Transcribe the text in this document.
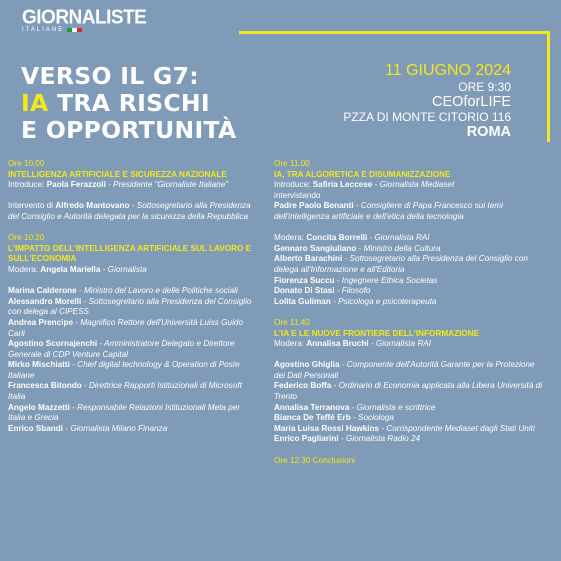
GIORNALISTE
ITALIANE
VERSO IL G7:
IA TRA RISCHI
E OPPORTUNITÀ
11 GIUGNO 2024
ORE 9:30
CEOforLIFE
PZZA DI MONTE CITORIO 116
ROMA

Ore 10.00

INTELLIGENZA ARTIFICIALE E SICUREZZA NAZIONALE

Introduce: Paola Ferazzoli - Presidente "Giornaliste Italiane"

Intervento di Alfredo Mantovano - Sottosegretario alla Presidenza del Consiglio e Autorità delegata per la sicurezza della Repubblica

Ore 10.20

L'IMPATTO DELL'INTELLIGENZA ARTIFICIALE SUL LAVORO E SULL'ECONOMIA

Modera: Angela Mariella - Giornalista

Marina Calderone - Ministro del Lavoro e delle Politiche sociali

Alessandro Morelli - Sottosegretario alla Presidenza del Consiglio con delega al CIPESS

Andrea Prencipe - Magnifico Rettore dell'Università Luiss Guido Carli

Agostino Scornajenchi - Amministratore Delegato e Direttore Generale di CDP Venture Capital

Mirko Mischiatti - Chief digital technology & Operation di Poste Italiane

Francesca Bitondo - Direttrice Rapporti Istituzionali di Microsoft Italia

Angelo Mazzetti - Responsabile Relazioni Istituzionali Meta per Italia e Grecia

Enrico Sbandi - Giornalista Milano Finanza

Ore 11.00

IA, TRA ALGORETICA E DISUMANIZZAZIONE

Introduce: Safiria Leccese - Giornalista Mediaset

intervistando

Padre Paolo Benanti - Consigliere di Papa Francesco sui temi dell'intelligenza artificiale e dell'etica della tecnologia

Modera: Concita Borrelli - Giornalista RAI

Gennaro Sangiuliano - Ministro della Cultura

Alberto Barachini - Sottosegretario alla Presidenza del Consiglio con delega all'Informazione e all'Editoria

Fiorenza Succu - Ingegnere Ethica Societas

Donato Di Stasi - Filosofo

Lolita Guliman - Psicologa e psicoterapeuta

Ore 11.40

L'IA E LE NUOVE FRONTIERE DELL'INFORMAZIONE

Modera: Annalisa Bruchi - Giornalista RAI

Agostino Ghiglia - Componente dell'Autorità Garante per la Protezione dei Dati Personali

Federico Boffa - Ordinario di Economia applicata alla Libera Università di Trento

Annalisa Terranova - Giornalista e scrittrice

Bianca De Teffé Erb - Sociologa

Maria Luisa Rossi Hawkins - Corrispondente Mediaset dagli Stati Uniti

Enrico Pagliarini - Giornalista Radio 24

Ore 12.30 Conclusioni
